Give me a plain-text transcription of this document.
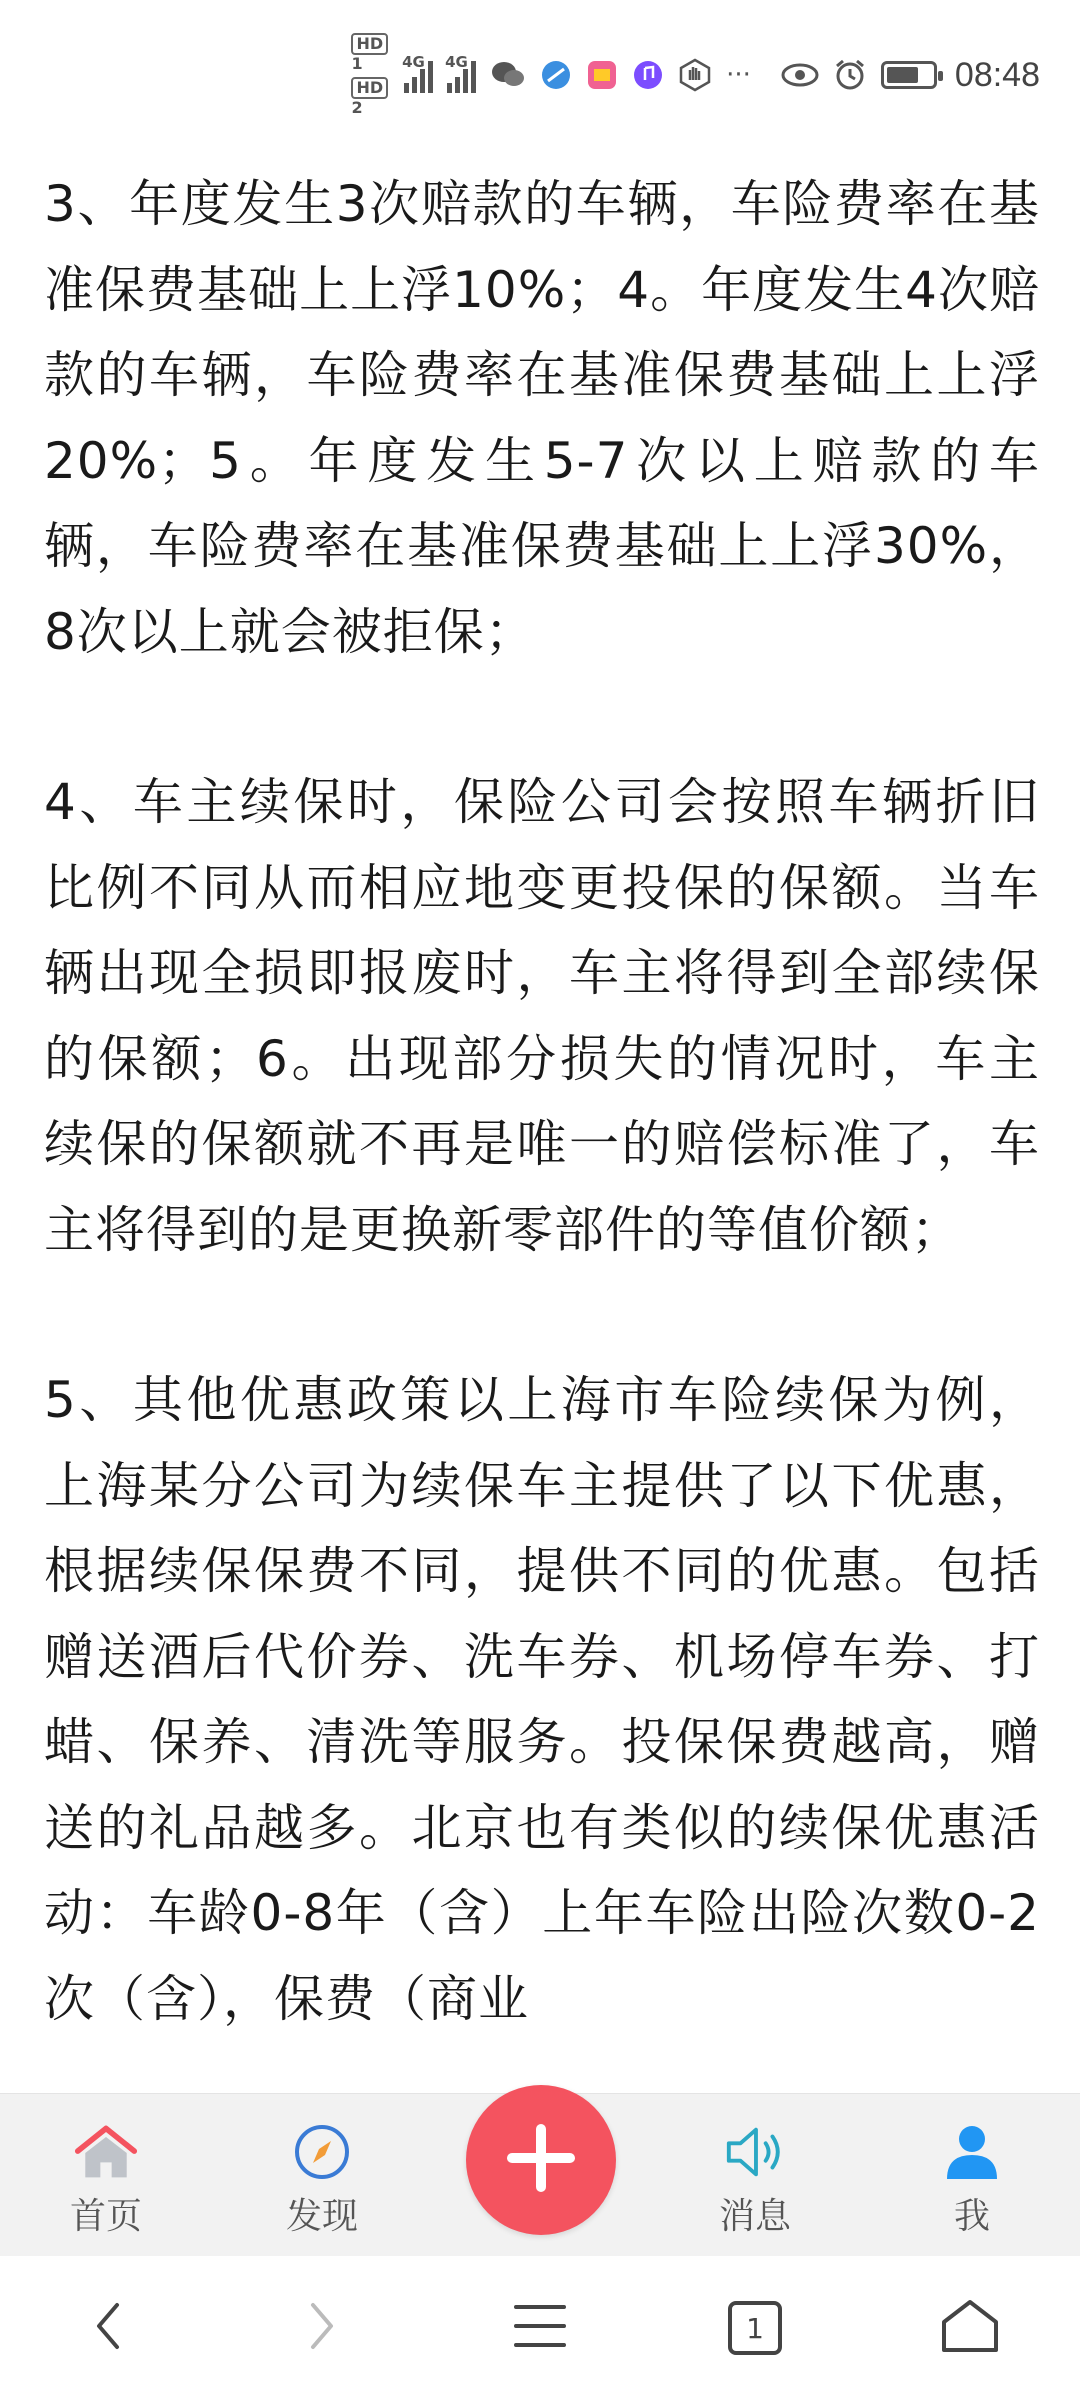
HD
1
HD
2
4G 4G	···	08:48

3、年度发生3次赔款的车辆，车险费率在基准保费基础上上浮10%；4。年度发生4次赔款的车辆，车险费率在基准保费基础上上浮20%；5。年度发生5-7次以上赔款的车辆，车险费率在基准保费基础上上浮30%，8次以上就会被拒保；

4、车主续保时，保险公司会按照车辆折旧比例不同从而相应地变更投保的保额。当车辆出现全损即报废时，车主将得到全部续保的保额；6。出现部分损失的情况时，车主续保的保额就不再是唯一的赔偿标准了，车主将得到的是更换新零部件的等值价额；

5、其他优惠政策以上海市车险续保为例，上海某分公司为续保车主提供了以下优惠，根据续保保费不同，提供不同的优惠。包括赠送酒后代价券、洗车券、机场停车券、打蜡、保养、清洗等服务。投保保费越高，赠送的礼品越多。北京也有类似的续保优惠活动：车龄0-8年（含）上年车险出险次数0-2次（含），保费（商业

首页	发现	消息	我
1
